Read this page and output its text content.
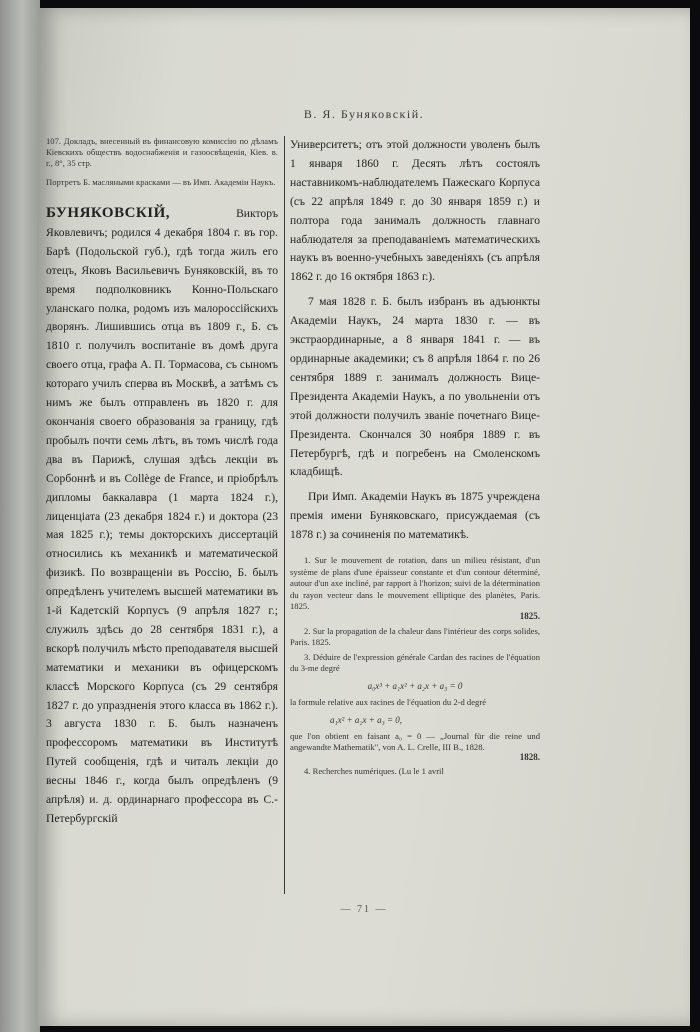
В. Я. Буняковскій.

107. Докладъ, внесенный въ финансовую комиссію по дѣламъ Кіевскихъ обществъ водоснабженія и газоосвѣщенія, Кіев. в. г., 8°, 35 стр.

Портретъ Б. масляными красками — въ Имп. Академіи Наукъ.

БУНЯКОВСКІЙ, Викторъ Яковлевичъ; родился 4 декабря 1804 г. въ гор. Барѣ (Подольской губ.), гдѣ тогда жилъ его отецъ, Яковъ Васильевичъ Буняковскій, въ то время подполковникъ Конно-Польскаго уланскаго полка, родомъ изъ малороссійскихъ дворянъ. Лишившись отца въ 1809 г., Б. съ 1810 г. получилъ воспитаніе въ домѣ друга своего отца, графа А. П. Тормасова, съ сыномъ котораго училъ сперва въ Москвѣ, а затѣмъ съ нимъ же былъ отправленъ въ 1820 г. для окончанія своего образованія за границу, гдѣ пробылъ почти семь лѣтъ, въ томъ числѣ года два въ Парижѣ, слушая здѣсь лекціи въ Сорбоннѣ и въ Collège de France, и пріобрѣлъ дипломы баккалавра (1 марта 1824 г.), лиценціата (23 декабря 1824 г.) и доктора (23 мая 1825 г.); темы докторскихъ диссертацій относились къ механикѣ и математической физикѣ. По возвращеніи въ Россію, Б. былъ опредѣленъ учителемъ высшей математики въ 1-й Кадетскій Корпусъ (9 апрѣля 1827 г.; служилъ здѣсь до 28 сентября 1831 г.), а вскорѣ получилъ мѣсто преподавателя высшей математики и механики въ офицерскомъ классѣ Морского Корпуса (съ 29 сентября 1827 г. до упраздненія этого класса въ 1862 г.). 3 августа 1830 г. Б. былъ назначенъ профессоромъ математики въ Институтѣ Путей сообщенія, гдѣ и читалъ лекціи до весны 1846 г., когда былъ опредѣленъ (9 апрѣля) и. д. ординарнаго профессора въ С.-Петербургскій

Университетъ; отъ этой должности уволенъ былъ 1 января 1860 г. Десять лѣтъ состоялъ наставникомъ-наблюдателемъ Пажескаго Корпуса (съ 22 апрѣля 1849 г. до 30 января 1859 г.) и полтора года занималъ должность главнаго наблюдателя за преподаваніемъ математическихъ наукъ въ военно-учебныхъ заведеніяхъ (съ апрѣля 1862 г. до 16 октября 1863 г.).

7 мая 1828 г. Б. былъ избранъ въ адъюнкты Академіи Наукъ, 24 марта 1830 г. — въ экстраординарные, а 8 января 1841 г. — въ ординарные академики; съ 8 апрѣля 1864 г. по 26 сентября 1889 г. занималъ должность Вице-Президента Академіи Наукъ, а по увольненіи отъ этой должности получилъ званіе почетнаго Вице-Президента. Скончался 30 ноября 1889 г. въ Петербургѣ, гдѣ и погребенъ на Смоленскомъ кладбищѣ.

При Имп. Академіи Наукъ въ 1875 учреждена премія имени Буняковскаго, присуждаемая (съ 1878 г.) за сочиненія по математикѣ.

1. Sur le mouvement de rotation, dans un milieu résistant, d'un système de plans d'une épaisseur constante et d'un contour déterminé, autour d'un axe incliné, par rapport à l'horizon; suivi de la détermination du rayon vecteur dans le mouvement elliptique des planètes, Paris. 1825.
1825.

2. Sur la propagation de la chaleur dans l'intérieur des corps solides, Paris. 1825.

3. Déduire de l'expression générale Cardan des racines de l'équation du 3-me degré

a₀x³ + a₁x² + a₂x + a₃ = 0

la formule relative aux racines de l'équation du 2-d degré

a₁x² + a₂x + a₃ = 0,

que l'on obtient en faisant a₀ = 0 — „Journal für die reine und angewandte Mathematik", von A. L. Crelle, III B., 1828.
1828.

4. Recherches numériques. (Lu le 1 avril

— 71 —
